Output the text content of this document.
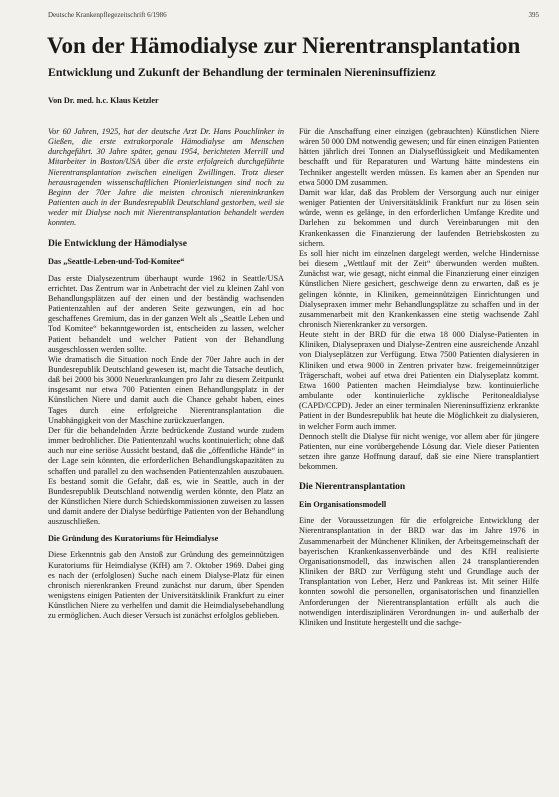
Deutsche Krankenpflegezeitschrift 6/1986	395
Von der Hämodialyse zur Nierentransplantation
Entwicklung und Zukunft der Behandlung der terminalen Niereninsuffizienz
Von Dr. med. h.c. Klaus Ketzler

Vor 60 Jahren, 1925, hat der deutsche Arzt Dr. Hans Pouchlinker in Gießen, die erste extrakorporale Hämodialyse am Menschen durchgeführt. 30 Jahre später, genau 1954, berichteten Merrill und Mitarbeiter in Boston/USA über die erste erfolgreich durchgeführte Nierentransplantation zwischen eineiigen Zwillingen. Trotz dieser herausragenden wissenschaftlichen Pionierleistungen sind noch zu Beginn der 70er Jahre die meisten chronisch niereninkranken Patienten auch in der Bundesrepublik Deutschland gestorben, weil sie weder mit Dialyse noch mit Nierentransplantation behandelt werden konnten.

Die Entwicklung der Hämodialyse
Das „Seattle-Leben-und-Tod-Komitee“

Das erste Dialysezentrum überhaupt wurde 1962 in Seattle/USA errichtet. Das Zentrum war in Anbetracht der viel zu kleinen Zahl von Behandlungsplätzen auf der einen und der beständig wachsenden Patientenzahlen auf der anderen Seite gezwungen, ein ad hoc geschaffenes Gremium, das in der ganzen Welt als „Seattle Leben und Tod Komitee“ bekanntgeworden ist, entscheiden zu lassen, welcher Patient behandelt und welcher Patient von der Behandlung ausgeschlossen werden sollte.

Wie dramatisch die Situation noch Ende der 70er Jahre auch in der Bundesrepublik Deutschland gewesen ist, macht die Tatsache deutlich, daß bei 2000 bis 3000 Neuerkrankungen pro Jahr zu diesem Zeitpunkt insgesamt nur etwa 700 Patienten einen Behandlungsplatz in der Künstlichen Niere und damit auch die Chance gehabt haben, eines Tages durch eine erfolgreiche Nierentransplantation die Unabhängigkeit von der Maschine zurückzuerlangen.

Der für die behandelnden Ärzte bedrückende Zustand wurde zudem immer bedrohlicher. Die Patientenzahl wuchs kontinuierlich; ohne daß auch nur eine seriöse Aussicht bestand, daß die „öffentliche Hände“ in der Lage sein könnten, die erforderlichen Behandlungskapazitäten zu schaffen und parallel zu den wachsenden Patientenzahlen auszubauen. Es bestand somit die Gefahr, daß es, wie in Seattle, auch in der Bundesrepublik Deutschland notwendig werden könnte, den Platz an der Künstlichen Niere durch Schiedskommissionen zuweisen zu lassen und damit andere der Dialyse bedürftige Patienten von der Behandlung auszuschließen.

Die Gründung des Kuratoriums für Heimdialyse

Diese Erkenntnis gab den Anstoß zur Gründung des gemeinnützigen Kuratoriums für Heimdialyse (KfH) am 7. Oktober 1969. Dabei ging es nach der (erfolglosen) Suche nach einem Dialyse-Platz für einen chronisch nierenkranken Freund zunächst nur darum, über Spenden wenigstens einigen Patienten der Universitätsklinik Frankfurt zu einer Künstlichen Niere zu verhelfen und damit die Heimdialysebehandlung zu ermöglichen. Auch dieser Versuch ist zunächst erfolglos geblieben.

Für die Anschaffung einer einzigen (gebrauchten) Künstlichen Niere wären 50 000 DM notwendig gewesen; und für einen einzigen Patienten hätten jährlich drei Tonnen an Dialyseflüssigkeit und Medikamenten beschafft und für Reparaturen und Wartung hätte mindestens ein Techniker angestellt werden müssen. Es kamen aber an Spenden nur etwa 5000 DM zusammen.

Damit war klar, daß das Problem der Versorgung auch nur einiger weniger Patienten der Universitätsklinik Frankfurt nur zu lösen sein würde, wenn es gelänge, in den erforderlichen Umfange Kredite und Darlehen zu bekommen und durch Vereinbarungen mit den Krankenkassen die Finanzierung der laufenden Betriebskosten zu sichern.

Es soll hier nicht im einzelnen dargelegt werden, welche Hindernisse bei diesem „Wettlauf mit der Zeit“ überwunden werden mußten. Zunächst war, wie gesagt, nicht einmal die Finanzierung einer einzigen Künstlichen Niere gesichert, geschweige denn zu erwarten, daß es je gelingen könnte, in Kliniken, gemeinnützigen Einrichtungen und Dialysepraxen immer mehr Behandlungsplätze zu schaffen und in der zusammenarbeit mit den Krankenkassen eine stetig wachsende Zahl chronisch Nierenkranker zu versorgen.

Heute steht in der BRD für die etwa 18 000 Dialyse-Patienten in Kliniken, Dialysepraxen und Dialyse-Zentren eine ausreichende Anzahl von Dialyseplätzen zur Verfügung. Etwa 7500 Patienten dialysieren in Kliniken und etwa 9000 in Zentren privater bzw. freigemeinnütziger Trägerschaft, wobei auf etwa drei Patienten ein Dialyseplatz kommt. Etwa 1600 Patienten machen Heimdialyse bzw. kontinuierliche ambulante oder kontinuierliche zyklische Peritonealdialyse (CAPD/CCPD). Jeder an einer terminalen Niereninsuffizienz erkrankte Patient in der Bundesrepublik hat heute die Möglichkeit zu dialysieren, in welcher Form auch immer.

Dennoch stellt die Dialyse für nicht wenige, vor allem aber für jüngere Patienten, nur eine vorübergehende Lösung dar. Viele dieser Patienten setzen ihre ganze Hoffnung darauf, daß sie eine Niere transplantiert bekommen.

Die Nierentransplantation
Ein Organisationsmodell

Eine der Voraussetzungen für die erfolgreiche Entwicklung der Nierentransplantation in der BRD war das im Jahre 1976 in Zusammenarbeit der Münchener Kliniken, der Arbeitsgemeinschaft der bayerischen Krankenkassenverbände und des KfH realisierte Organisationsmodell, das inzwischen allen 24 transplantierenden Kliniken der BRD zur Verfügung steht und Grundlage auch der Transplantation von Leber, Herz und Pankreas ist. Mit seiner Hilfe konnten sowohl die personellen, organisatorischen und finanziellen Anforderungen der Nierentransplantation erfüllt als auch die notwendigen interdisziplinären Verordnungen in- und außerhalb der Kliniken und Institute hergestellt und die sachge-
